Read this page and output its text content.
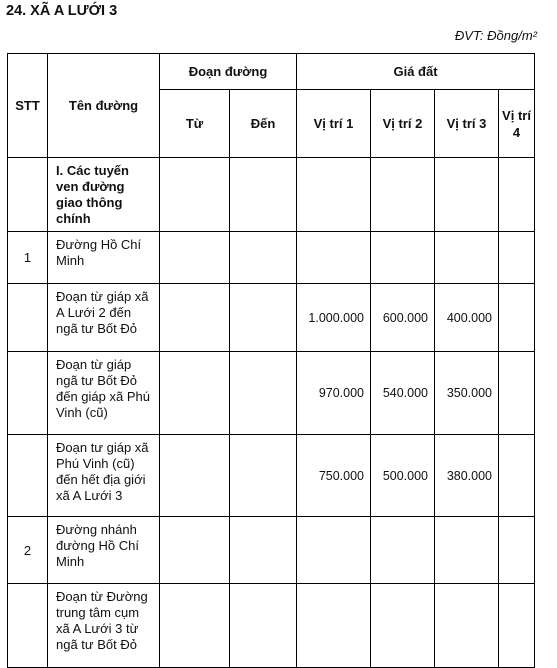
24. XÃ A LƯỚI 3
ĐVT: Đồng/m²
STT	Tên đường	Đoạn đường		Giá đất			
		Từ	Đến	Vị trí 1	Vị trí 2	Vị trí 3	Vị trí 4
	I. Các tuyến ven đường giao thông chính						
1	Đường Hồ Chí Minh						
	Đoạn từ giáp xã A Lưới 2 đến ngã tư Bốt Đỏ			1.000.000	600.000	400.000	
	Đoạn từ giáp ngã tư Bốt Đỏ đến giáp xã Phú Vinh (cũ)			970.000	540.000	350.000	
	Đoạn tư giáp xã Phú Vinh (cũ) đến hết địa giới xã A Lưới 3			750.000	500.000	380.000	
2	Đường nhánh đường Hồ Chí Minh						
	Đoạn từ Đường trung tâm cụm xã A Lưới 3 từ ngã tư Bốt Đỏ						
